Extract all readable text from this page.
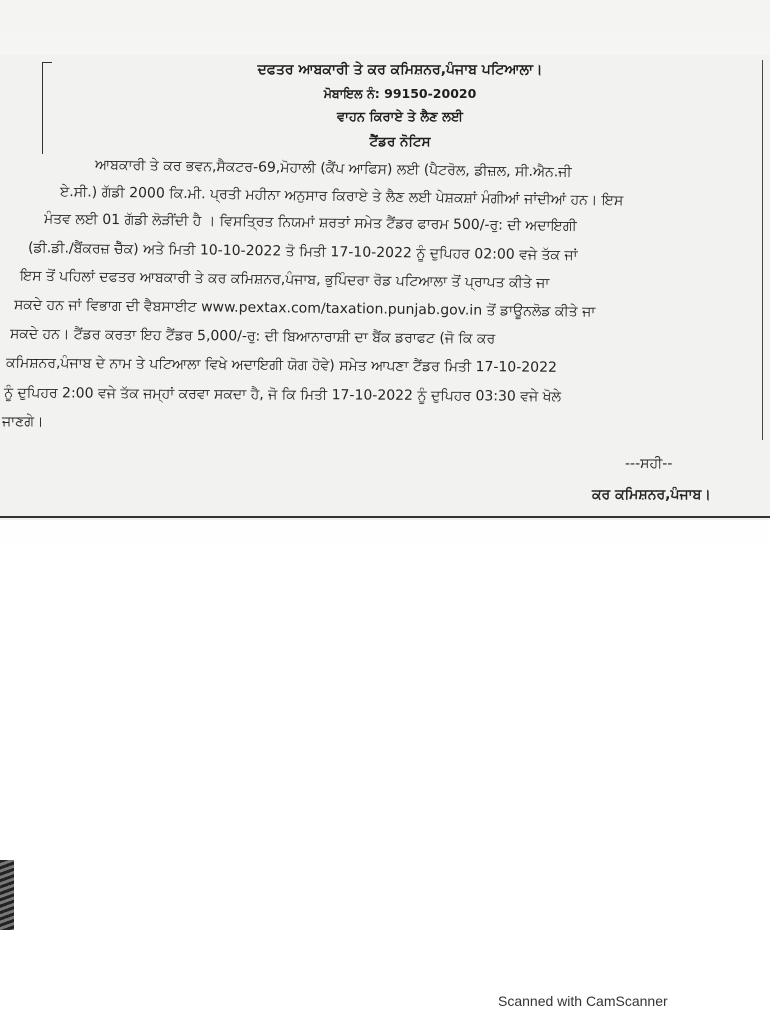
ਦਫਤਰ ਆਬਕਾਰੀ ਤੇ ਕਰ ਕਮਿਸ਼ਨਰ,ਪੰਜਾਬ ਪਟਿਆਲਾ।
ਮੋਬਾਇਲ ਨੰ: 99150-20020
ਵਾਹਨ ਕਿਰਾਏ ਤੇ ਲੈਣ ਲਈ
ਟੈਂਡਰ ਨੋਟਿਸ
ਆਬਕਾਰੀ ਤੇ ਕਰ ਭਵਨ,ਸੈਕਟਰ-69,ਮੋਹਾਲੀ (ਕੈਂਪ ਆਫਿਸ) ਲਈ (ਪੈਟਰੋਲ, ਡੀਜ਼ਲ, ਸੀ.ਐਨ.ਜੀ
ਏ.ਸੀ.) ਗੱਡੀ 2000 ਕਿ.ਮੀ. ਪ੍ਰਤੀ ਮਹੀਨਾ ਅਨੁਸਾਰ ਕਿਰਾਏ ਤੇ ਲੈਣ ਲਈ ਪੇਸ਼ਕਸ਼ਾਂ ਮੰਗੀਆਂ ਜਾਂਦੀਆਂ ਹਨ। ਇਸ
ਮੰਤਵ ਲਈ 01 ਗੱਡੀ ਲੋੜੀਂਦੀ ਹੈ । ਵਿਸਤ੍ਰਿਤ ਨਿਯਮਾਂ ਸ਼ਰਤਾਂ ਸਮੇਤ ਟੈਂਡਰ ਫਾਰਮ 500/-ਰੁ: ਦੀ ਅਦਾਇਗੀ
(ਡੀ.ਡੀ./ਬੈਂਕਰਜ਼ ਚੈੱਕ) ਅਤੇ ਮਿਤੀ 10-10-2022 ਤੋ ਮਿਤੀ 17-10-2022 ਨੂੰ ਦੁਪਿਹਰ 02:00 ਵਜੇ ਤੱਕ ਜਾਂ
ਇਸ ਤੋਂ ਪਹਿਲਾਂ ਦਫਤਰ ਆਬਕਾਰੀ ਤੇ ਕਰ ਕਮਿਸ਼ਨਰ,ਪੰਜਾਬ, ਭੁਪਿੰਦਰਾ ਰੋਡ ਪਟਿਆਲਾ ਤੋਂ ਪ੍ਰਾਪਤ ਕੀਤੇ ਜਾ
ਸਕਦੇ ਹਨ ਜਾਂ ਵਿਭਾਗ ਦੀ ਵੈਬਸਾਈਟ www.pextax.com/taxation.punjab.gov.in ਤੋਂ ਡਾਊਨਲੋਡ ਕੀਤੇ ਜਾ
ਸਕਦੇ ਹਨ। ਟੈਂਡਰ ਕਰਤਾ ਇਹ ਟੈਂਡਰ 5,000/-ਰੁ: ਦੀ ਬਿਆਨਾਰਾਸ਼ੀ ਦਾ ਬੈਂਕ ਡਰਾਫਟ (ਜੋ ਕਿ ਕਰ
ਕਮਿਸ਼ਨਰ,ਪੰਜਾਬ ਦੇ ਨਾਮ ਤੇ ਪਟਿਆਲਾ ਵਿਖੇ ਅਦਾਇਗੀ ਯੋਗ ਹੋਵੇ) ਸਮੇਤ ਆਪਣਾ ਟੈਂਡਰ ਮਿਤੀ 17-10-2022
ਨੂੰ ਦੁਪਿਹਰ 2:00 ਵਜੇ ਤੱਕ ਜਮ੍ਹਾਂ ਕਰਵਾ ਸਕਦਾ ਹੈ, ਜੋ ਕਿ ਮਿਤੀ 17-10-2022 ਨੂੰ ਦੁਪਿਹਰ 03:30 ਵਜੇ ਖੋਲੇ
ਜਾਣਗੇ।
---ਸਹੀ--
ਕਰ ਕਮਿਸ਼ਨਰ,ਪੰਜਾਬ।
Scanned with CamScanner
